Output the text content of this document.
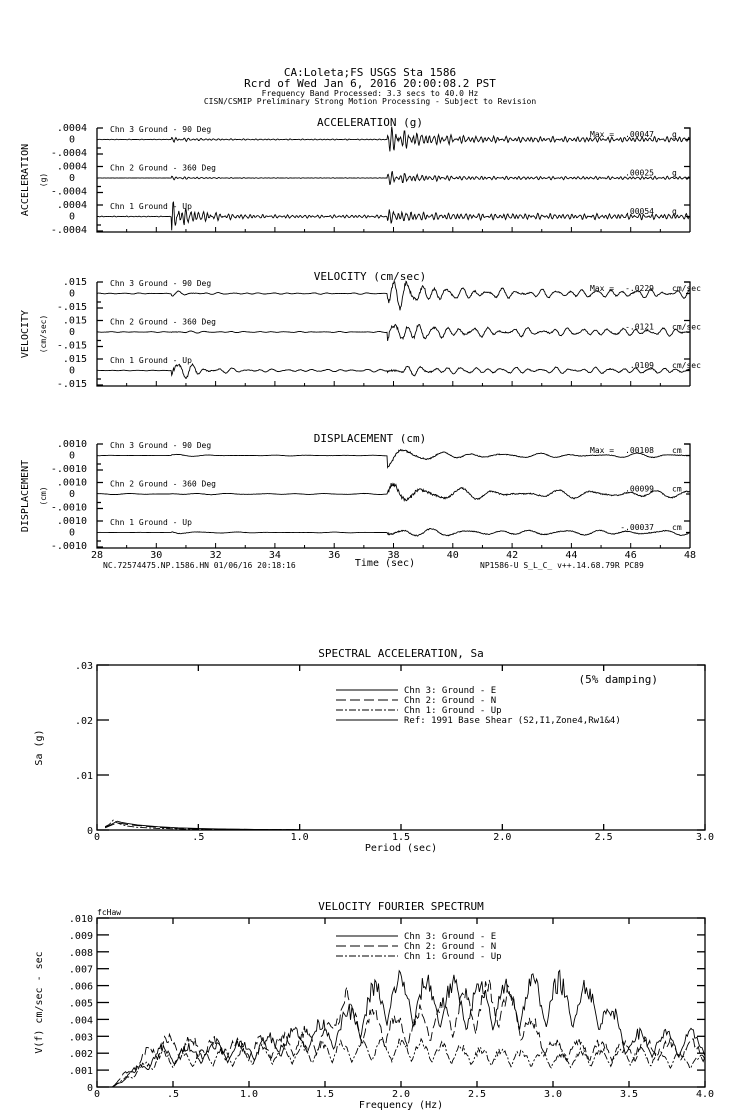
CA:Loleta;FS USGS Sta 1586
Rcrd of Wed Jan 6, 2016 20:00:08.2 PST
Frequency Band Processed: 3.3 secs to 40.0 Hz
CISN/CSMIP Preliminary Strong Motion Processing - Subject to Revision
ACCELERATION (g)
ACCELERATION (g)
.0004
0
-.0004
Chn 3 Ground - 90 Deg
Max = .00047 g
.0004
0
-.0004
Chn 2 Ground - 360 Deg
.00025 g
.0004
0
-.0004
Chn 1 Ground - Up
.00054 g
VELOCITY (cm/sec)
VELOCITY (cm/sec)
.015
0
-.015
Chn 3 Ground - 90 Deg
Max = -.0229 cm/sec
.015
0
-.015
Chn 2 Ground - 360 Deg
-.0121 cm/sec
.015
0
-.015
Chn 1 Ground - Up
.0109 cm/sec
DISPLACEMENT (cm)
DISPLACEMENT (cm)
.0010
0
-.0010
Chn 3 Ground - 90 Deg
Max = .00108 cm
.0010
0
-.0010
Chn 2 Ground - 360 Deg
.00099 cm
.0010
0
-.0010
Chn 1 Ground - Up
-.00037 cm
28	30	32	34	36	38	40	42	44	46	48
Time (sec)
NC.72574475.NP.1586.HN 01/06/16 20:18:16	NP1586-U S_L_C_ v++.14.68.79R PC89
SPECTRAL ACCELERATION, Sa
0	.5	1.0	1.5	2.0	2.5	3.0
0
.01
.02
.03
Period (sec)
Sa (g)
Chn 3: Ground - E
Chn 2: Ground - N
Chn 1: Ground - Up
Ref: 1991 Base Shear (S2,I1,Zone4,Rw1&4)
(5% damping)
VELOCITY FOURIER SPECTRUM
0	.5	1.0	1.5	2.0	2.5	3.0	3.5	4.0
0
.001
.002
.003
.004
.005
.006
.007
.008
.009
.010
Frequency (Hz)
V(f) cm/sec - sec
Chn 3: Ground - E
Chn 2: Ground - N
Chn 1: Ground - Up
fcHaw
